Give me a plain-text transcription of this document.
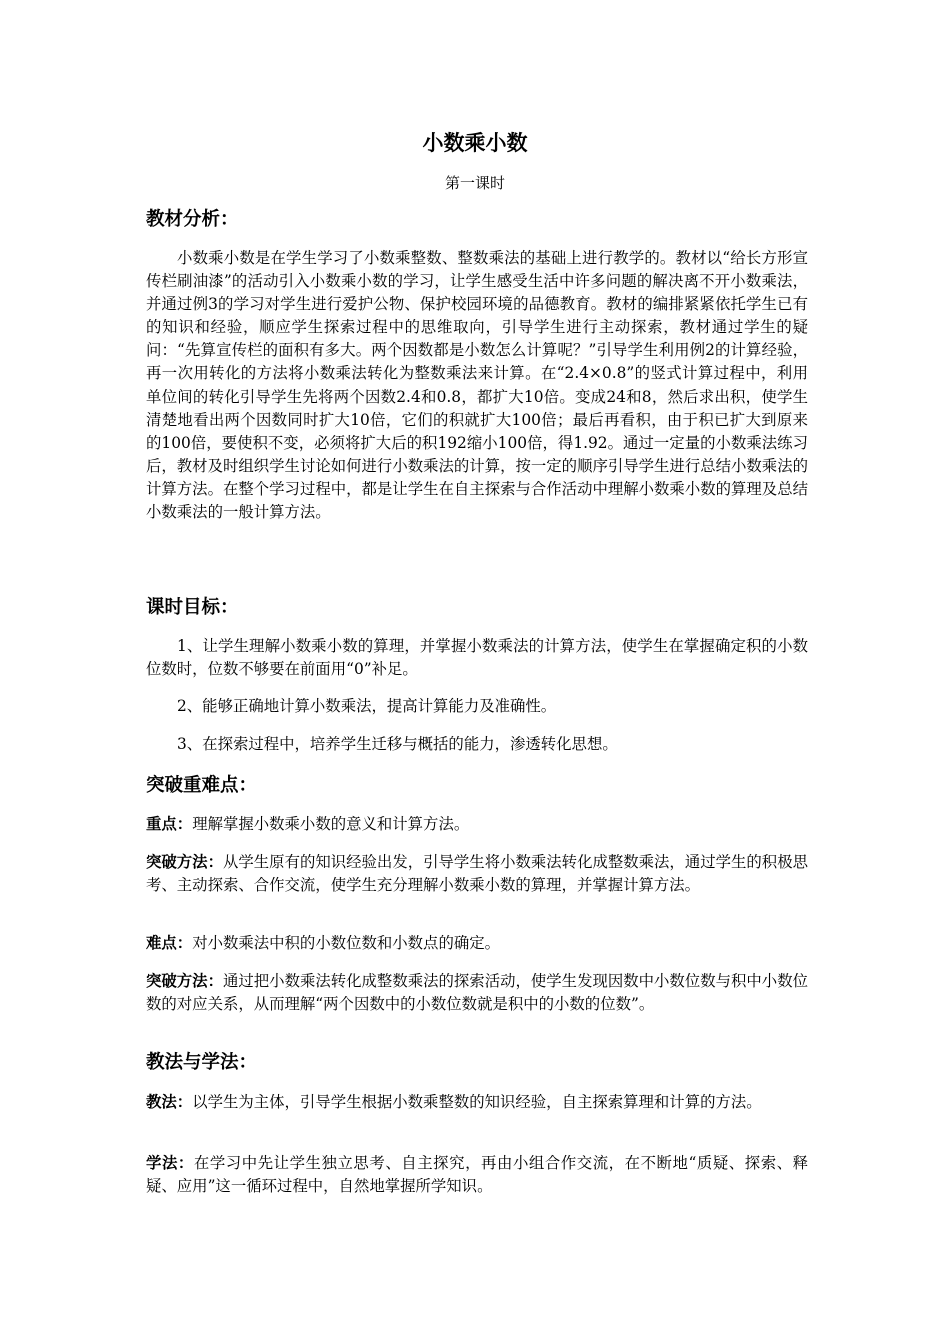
小数乘小数
第一课时
教材分析：
小数乘小数是在学生学习了小数乘整数、整数乘法的基础上进行教学的。教材以“给长方形宣传栏刷油漆”的活动引入小数乘小数的学习，让学生感受生活中许多问题的解决离不开小数乘法，并通过例3的学习对学生进行爱护公物、保护校园环境的品德教育。教材的编排紧紧依托学生已有的知识和经验，顺应学生探索过程中的思维取向，引导学生进行主动探索，教材通过学生的疑问：“先算宣传栏的面积有多大。两个因数都是小数怎么计算呢？”引导学生利用例2的计算经验，再一次用转化的方法将小数乘法转化为整数乘法来计算。在“2.4×0.8”的竖式计算过程中，利用单位间的转化引导学生先将两个因数2.4和0.8，都扩大10倍。变成24和8，然后求出积，使学生清楚地看出两个因数同时扩大10倍，它们的积就扩大100倍；最后再看积，由于积已扩大到原来的100倍，要使积不变，必须将扩大后的积192缩小100倍，得1.92。通过一定量的小数乘法练习后，教材及时组织学生讨论如何进行小数乘法的计算，按一定的顺序引导学生进行总结小数乘法的计算方法。在整个学习过程中，都是让学生在自主探索与合作活动中理解小数乘小数的算理及总结小数乘法的一般计算方法。
课时目标：
1、让学生理解小数乘小数的算理，并掌握小数乘法的计算方法，使学生在掌握确定积的小数位数时，位数不够要在前面用“0”补足。
2、能够正确地计算小数乘法，提高计算能力及准确性。
3、在探索过程中，培养学生迁移与概括的能力，渗透转化思想。
突破重难点：
重点：理解掌握小数乘小数的意义和计算方法。
突破方法：从学生原有的知识经验出发，引导学生将小数乘法转化成整数乘法，通过学生的积极思考、主动探索、合作交流，使学生充分理解小数乘小数的算理，并掌握计算方法。
难点：对小数乘法中积的小数位数和小数点的确定。
突破方法：通过把小数乘法转化成整数乘法的探索活动，使学生发现因数中小数位数与积中小数位数的对应关系，从而理解“两个因数中的小数位数就是积中的小数的位数”。
教法与学法：
教法：以学生为主体，引导学生根据小数乘整数的知识经验，自主探索算理和计算的方法。
学法：在学习中先让学生独立思考、自主探究，再由小组合作交流，在不断地“质疑、探索、释疑、应用”这一循环过程中，自然地掌握所学知识。
